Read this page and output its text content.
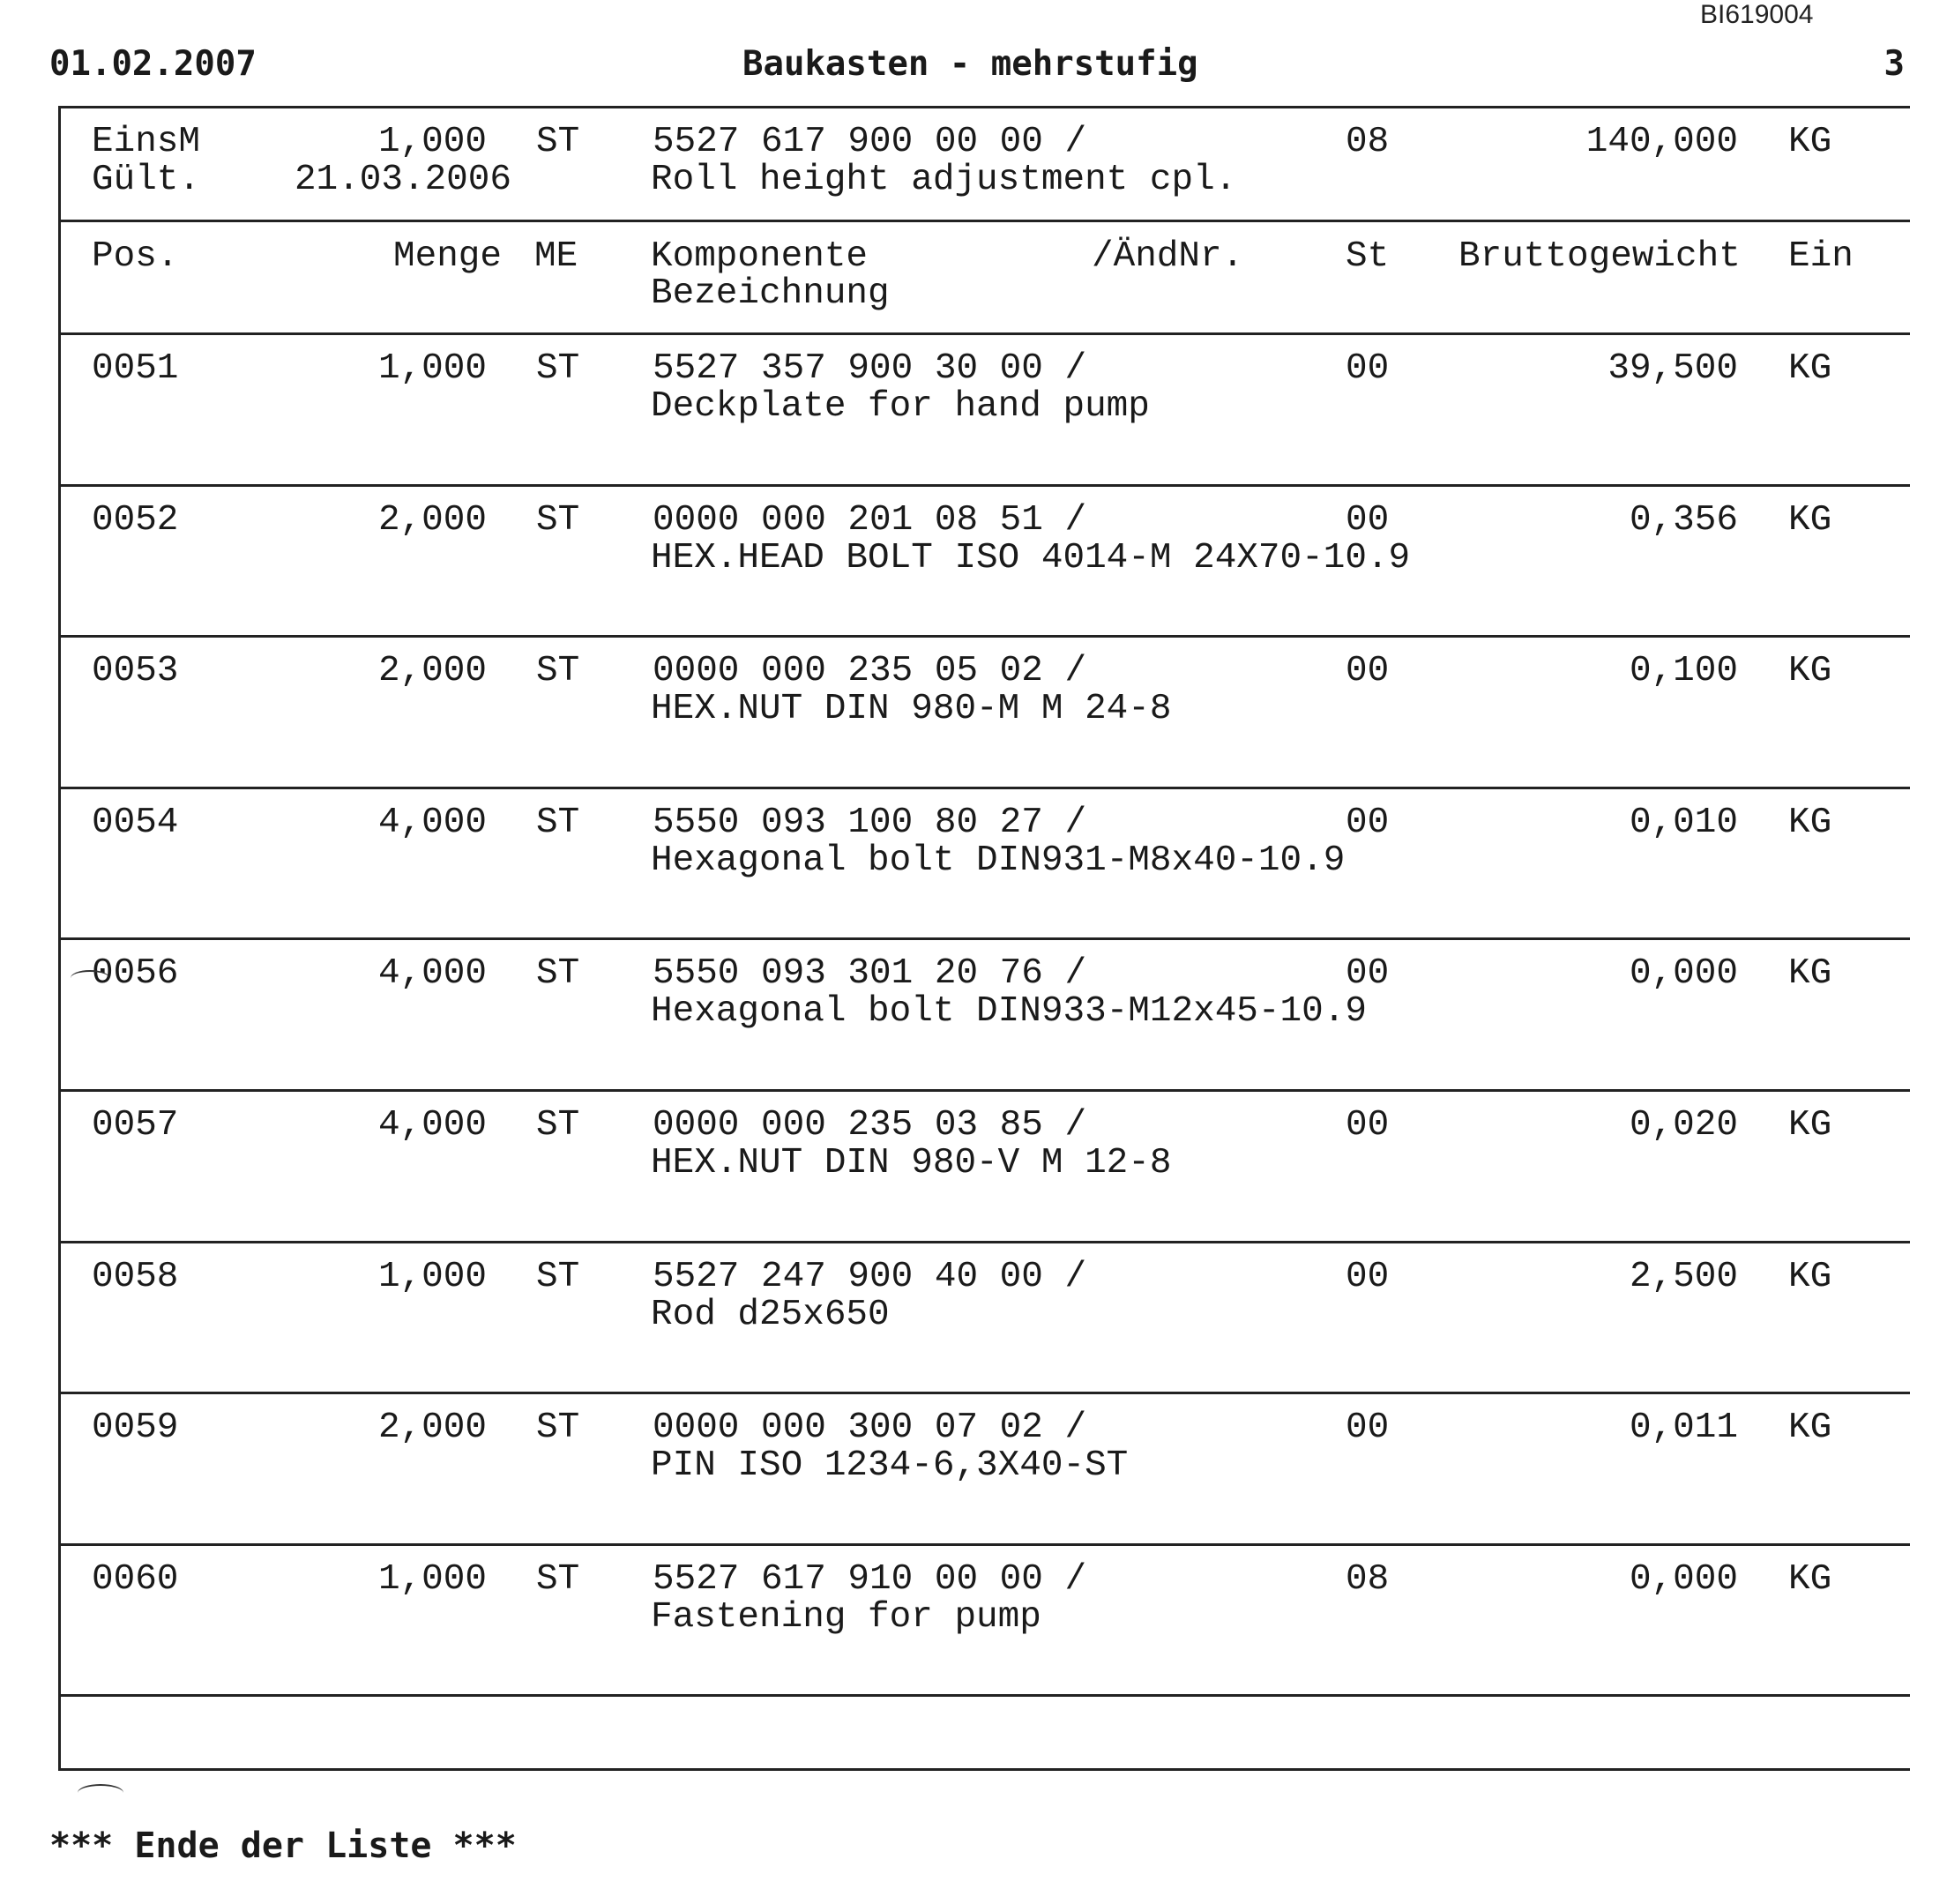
BI619004
01.02.2007	Baukasten - mehrstufig	3
EinsM	1,000 ST 5527 617 900 00 00 /	08	140,000 KG
Gült.	21.03.2006	Roll height adjustment cpl.
Pos.	Menge ME Komponente	/ÄndNr.	St Bruttogewicht Ein
Bezeichnung
0051	1,000 ST 5527 357 900 30 00 /	00	39,500 KG
Deckplate for hand pump
0052	2,000 ST 0000 000 201 08 51 /	00	0,356 KG
HEX.HEAD BOLT ISO 4014-M 24X70-10.9
0053	2,000 ST 0000 000 235 05 02 /	00	0,100 KG
HEX.NUT DIN 980-M M 24-8
0054	4,000 ST 5550 093 100 80 27 /	00	0,010 KG
Hexagonal bolt DIN931-M8x40-10.9
0056	4,000 ST 5550 093 301 20 76 /	00	0,000 KG
Hexagonal bolt DIN933-M12x45-10.9
0057	4,000 ST 0000 000 235 03 85 /	00	0,020 KG
HEX.NUT DIN 980-V M 12-8
0058	1,000 ST 5527 247 900 40 00 /	00	2,500 KG
Rod d25x650
0059	2,000 ST 0000 000 300 07 02 /	00	0,011 KG
PIN ISO 1234-6,3X40-ST
0060	1,000 ST 5527 617 910 00 00 /	08	0,000 KG
Fastening for pump
*** Ende der Liste ***
